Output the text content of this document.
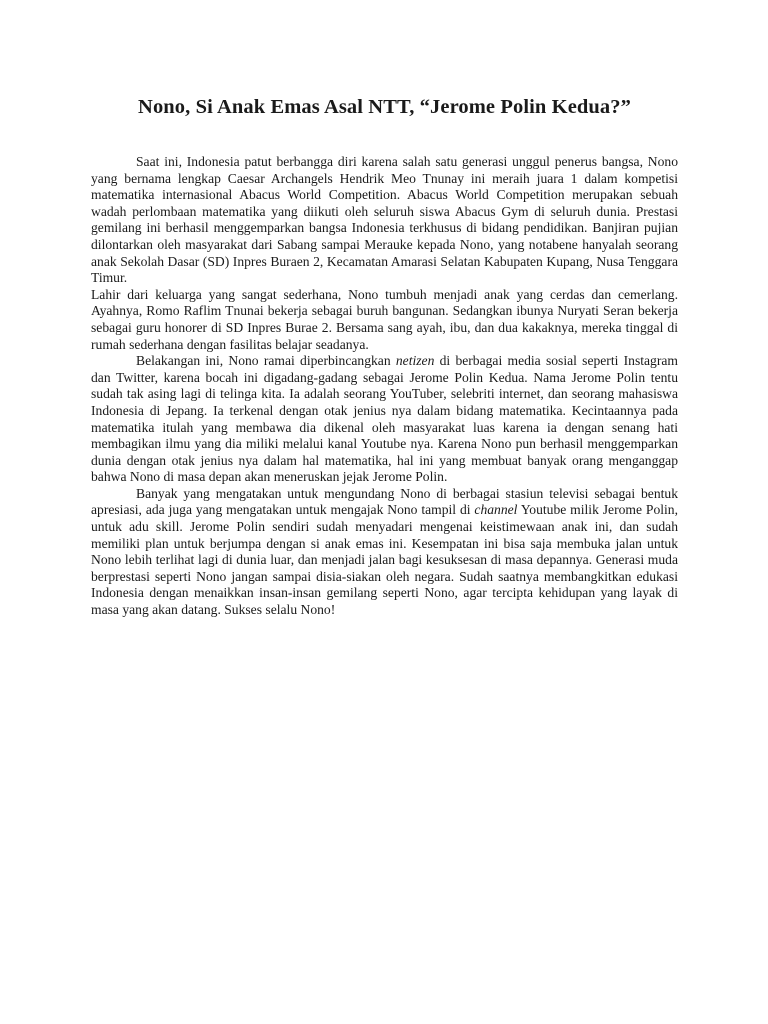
Nono, Si Anak Emas Asal NTT, “Jerome Polin Kedua?”

Saat ini, Indonesia patut berbangga diri karena salah satu generasi unggul penerus bangsa, Nono yang bernama lengkap Caesar Archangels Hendrik Meo Tnunay ini meraih juara 1 dalam kompetisi matematika internasional Abacus World Competition. Abacus World Competition merupakan sebuah wadah perlombaan matematika yang diikuti oleh seluruh siswa Abacus Gym di seluruh dunia. Prestasi gemilang ini berhasil menggemparkan bangsa Indonesia terkhusus di bidang pendidikan. Banjiran pujian dilontarkan oleh masyarakat dari Sabang sampai Merauke kepada Nono, yang notabene hanyalah seorang anak Sekolah Dasar (SD) Inpres Buraen 2, Kecamatan Amarasi Selatan Kabupaten Kupang, Nusa Tenggara Timur.

Lahir dari keluarga yang sangat sederhana, Nono tumbuh menjadi anak yang cerdas dan cemerlang. Ayahnya, Romo Raflim Tnunai bekerja sebagai buruh bangunan. Sedangkan ibunya Nuryati Seran bekerja sebagai guru honorer di SD Inpres Burae 2. Bersama sang ayah, ibu, dan dua kakaknya, mereka tinggal di rumah sederhana dengan fasilitas belajar seadanya.

Belakangan ini, Nono ramai diperbincangkan netizen di berbagai media sosial seperti Instagram dan Twitter, karena bocah ini digadang-gadang sebagai Jerome Polin Kedua. Nama Jerome Polin tentu sudah tak asing lagi di telinga kita. Ia adalah seorang YouTuber, selebriti internet, dan seorang mahasiswa Indonesia di Jepang. Ia terkenal dengan otak jenius nya dalam bidang matematika. Kecintaannya pada matematika itulah yang membawa dia dikenal oleh masyarakat luas karena ia dengan senang hati membagikan ilmu yang dia miliki melalui kanal Youtube nya. Karena Nono pun berhasil menggemparkan dunia dengan otak jenius nya dalam hal matematika, hal ini yang membuat banyak orang menganggap bahwa Nono di masa depan akan meneruskan jejak Jerome Polin.

Banyak yang mengatakan untuk mengundang Nono di berbagai stasiun televisi sebagai bentuk apresiasi, ada juga yang mengatakan untuk mengajak Nono tampil di channel Youtube milik Jerome Polin, untuk adu skill. Jerome Polin sendiri sudah menyadari mengenai keistimewaan anak ini, dan sudah memiliki plan untuk berjumpa dengan si anak emas ini. Kesempatan ini bisa saja membuka jalan untuk Nono lebih terlihat lagi di dunia luar, dan menjadi jalan bagi kesuksesan di masa depannya. Generasi muda berprestasi seperti Nono jangan sampai disia-siakan oleh negara. Sudah saatnya membangkitkan edukasi Indonesia dengan menaikkan insan-insan gemilang seperti Nono, agar tercipta kehidupan yang layak di masa yang akan datang. Sukses selalu Nono!
